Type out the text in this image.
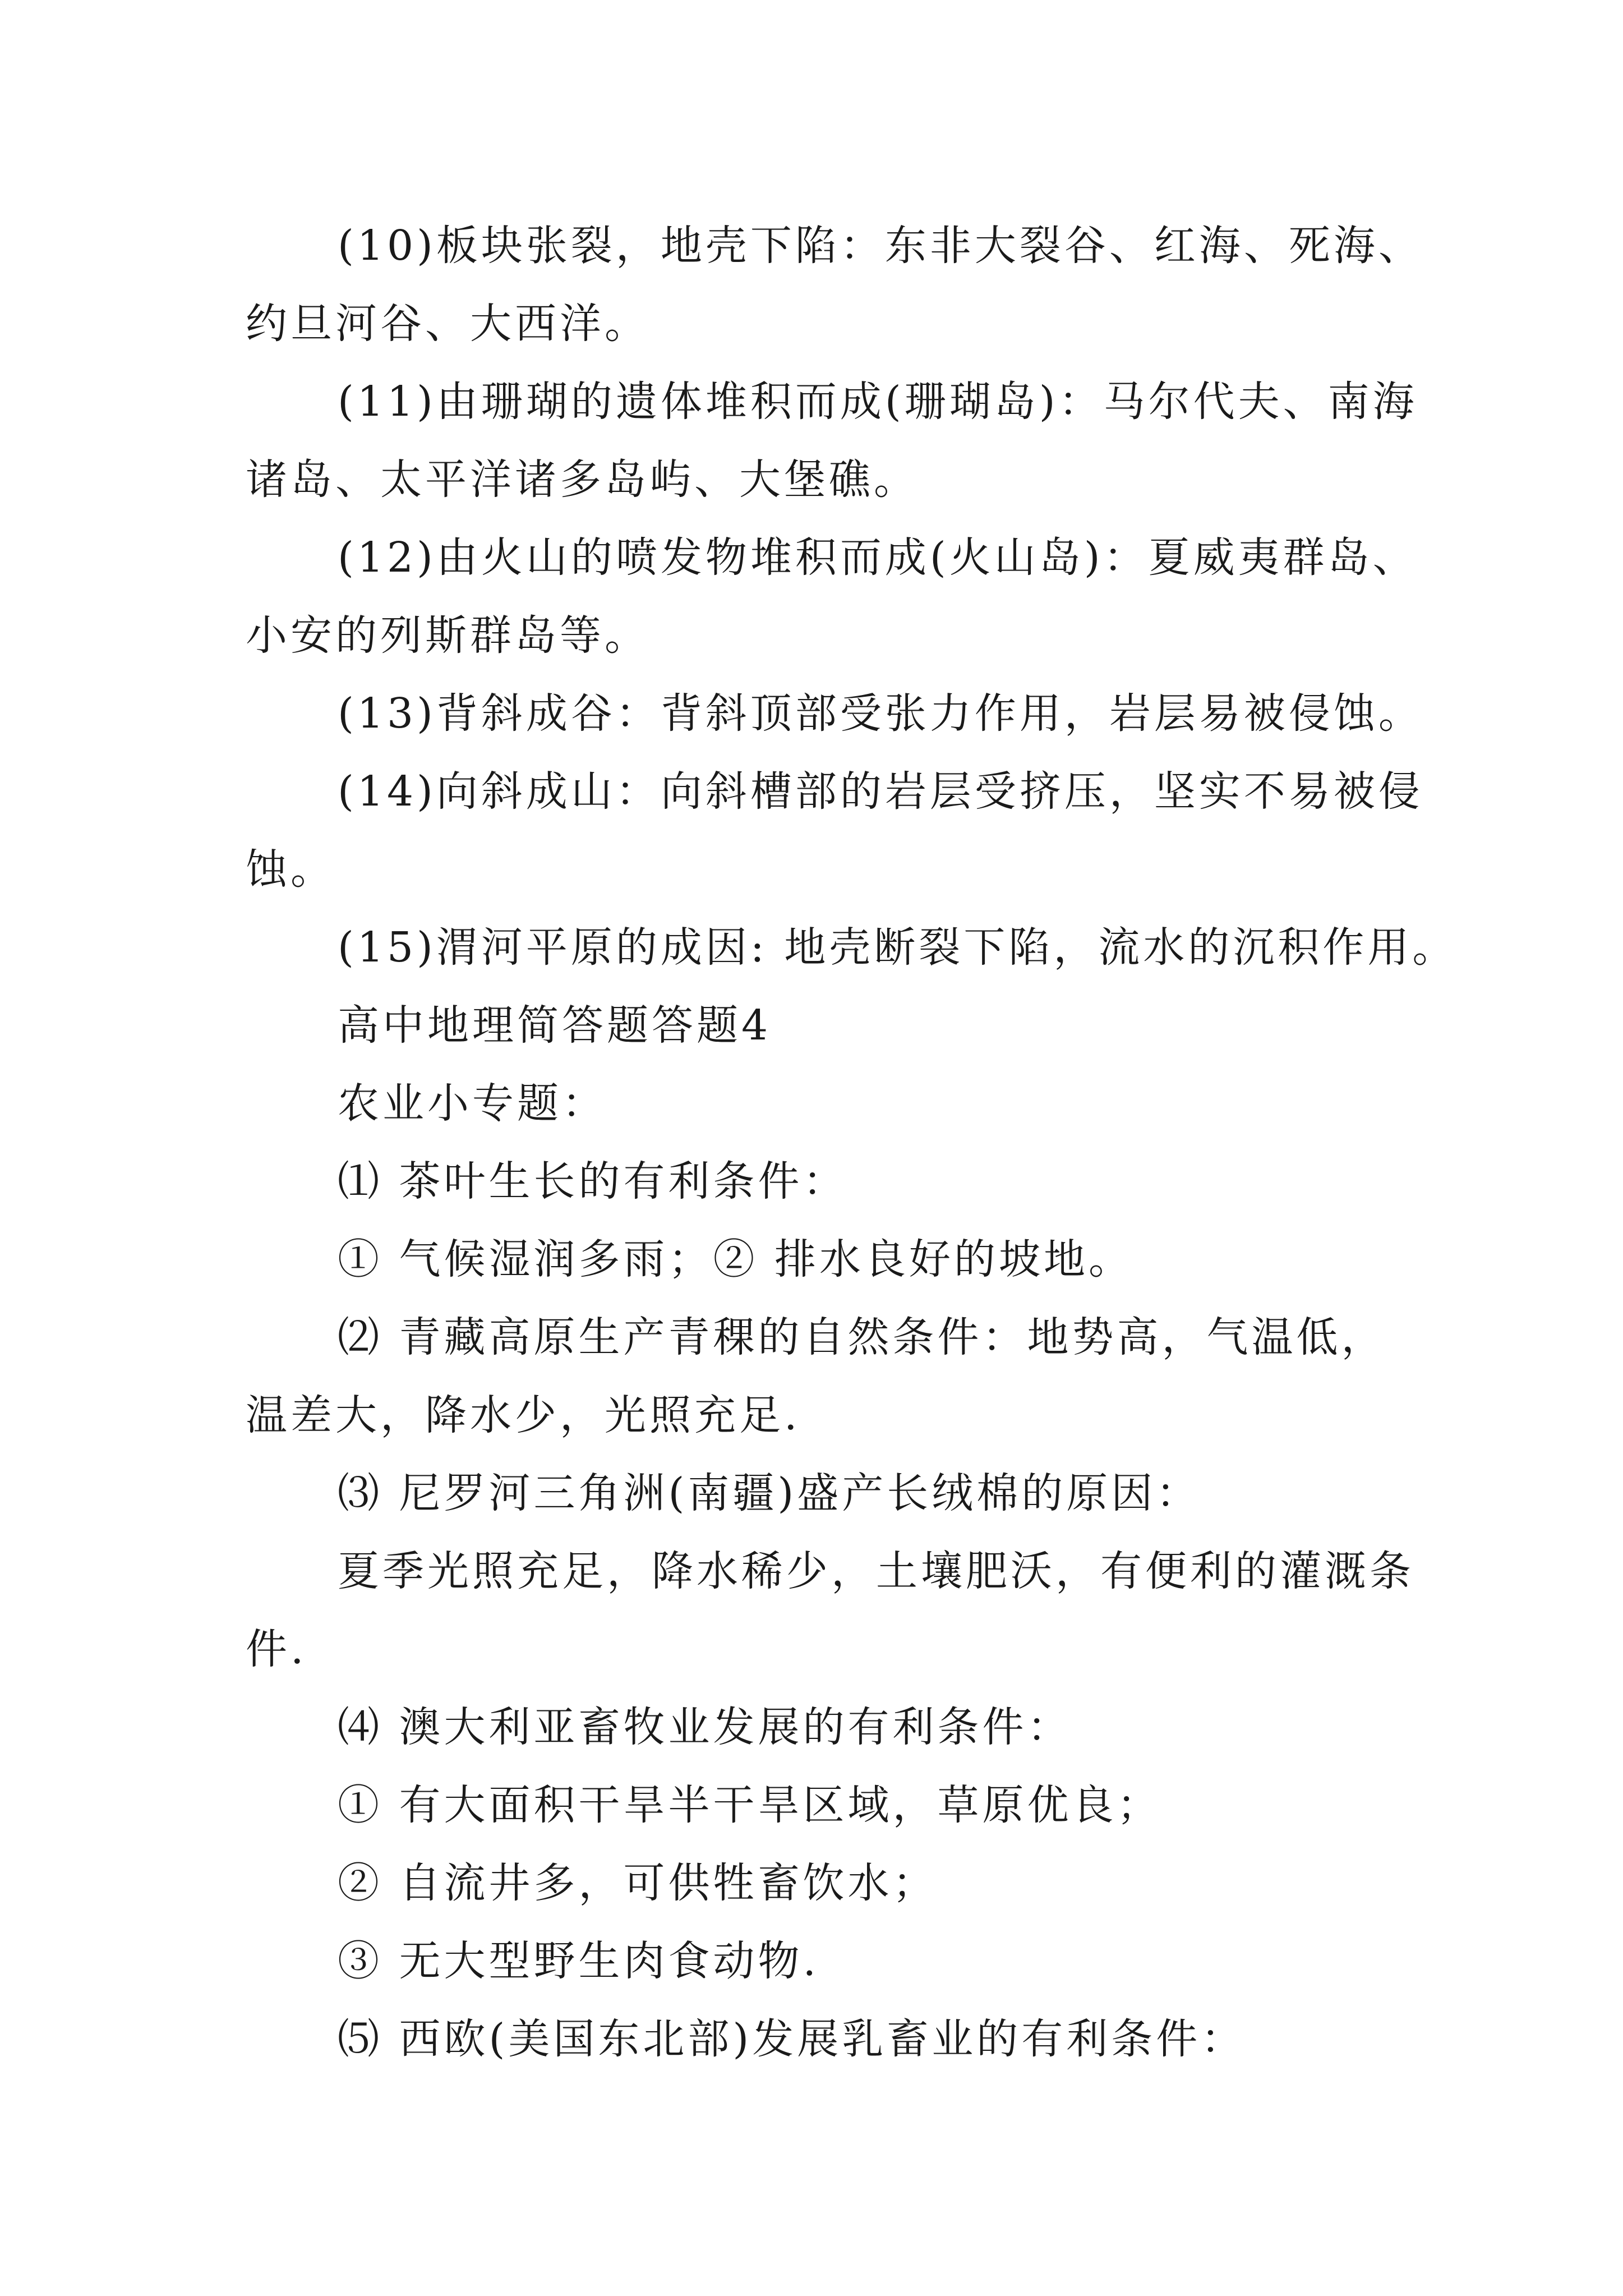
(10)板块张裂，地壳下陷：东非大裂谷、红海、死海、
约旦河谷、大西洋。
(11)由珊瑚的遗体堆积而成(珊瑚岛)：马尔代夫、南海
诸岛、太平洋诸多岛屿、大堡礁。
(12)由火山的喷发物堆积而成(火山岛)：夏威夷群岛、
小安的列斯群岛等。
(13)背斜成谷：背斜顶部受张力作用，岩层易被侵蚀。
(14)向斜成山：向斜槽部的岩层受挤压，坚实不易被侵
蚀。
(15)渭河平原的成因: 地壳断裂下陷，流水的沉积作用。
高中地理简答题答题4
农业小专题：
⑴ 茶叶生长的有利条件：
① 气候湿润多雨；② 排水良好的坡地。
⑵ 青藏高原生产青稞的自然条件：地势高，气温低，
温差大，降水少，光照充足.
⑶ 尼罗河三角洲(南疆)盛产长绒棉的原因：
夏季光照充足，降水稀少，土壤肥沃，有便利的灌溉条
件.
⑷ 澳大利亚畜牧业发展的有利条件：
① 有大面积干旱半干旱区域，草原优良；
② 自流井多，可供牲畜饮水；
③ 无大型野生肉食动物.
⑸ 西欧(美国东北部)发展乳畜业的有利条件：
